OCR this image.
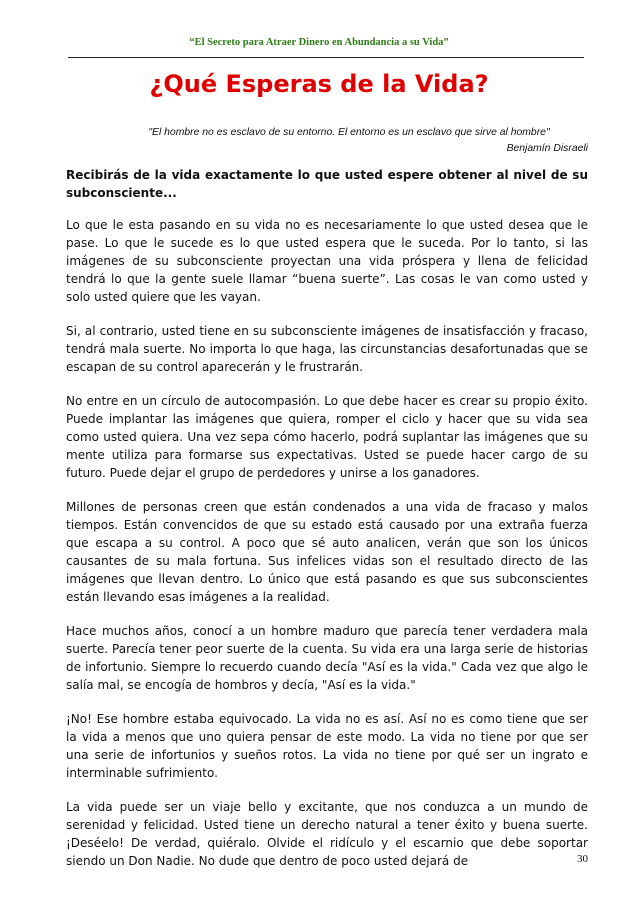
“El Secreto para Atraer Dinero en Abundancia a su Vida”
¿Qué Esperas de la Vida?
"El hombre no es esclavo de su entorno. El entorno es un esclavo que sirve al hombre"
Benjamín Disraeli

Recibirás de la vida exactamente lo que usted espere obtener al nivel de su subconsciente...

Lo que le esta pasando en su vida no es necesariamente lo que usted desea que le pase. Lo que le sucede es lo que usted espera que le suceda. Por lo tanto, si las imágenes de su subconsciente proyectan una vida próspera y llena de felicidad tendrá lo que la gente suele llamar “buena suerte”. Las cosas le van como usted y solo usted quiere que les vayan.

Si, al contrario, usted tiene en su subconsciente imágenes de insatisfacción y fracaso, tendrá mala suerte. No importa lo que haga, las circunstancias desafortunadas que se escapan de su control aparecerán y le frustrarán.

No entre en un círculo de autocompasión. Lo que debe hacer es crear su propio éxito. Puede implantar las imágenes que quiera, romper el ciclo y hacer que su vida sea como usted quiera. Una vez sepa cómo hacerlo, podrá suplantar las imágenes que su mente utiliza para formarse sus expectativas. Usted se puede hacer cargo de su futuro. Puede dejar el grupo de perdedores y unirse a los ganadores.

Millones de personas creen que están condenados a una vida de fracaso y malos tiempos. Están convencidos de que su estado está causado por una extraña fuerza que escapa a su control. A poco que sé auto analicen, verán que son los únicos causantes de su mala fortuna. Sus infelices vidas son el resultado directo de las imágenes que llevan dentro. Lo único que está pasando es que sus subconscientes están llevando esas imágenes a la realidad.

Hace muchos años, conocí a un hombre maduro que parecía tener verdadera mala suerte. Parecía tener peor suerte de la cuenta. Su vida era una larga serie de historias de infortunio. Siempre lo recuerdo cuando decía "Así es la vida." Cada vez que algo le salía mal, se encogía de hombros y decía, "Así es la vida."

¡No! Ese hombre estaba equivocado. La vida no es así. Así no es como tiene que ser la vida a menos que uno quiera pensar de este modo. La vida no tiene por que ser una serie de infortunios y sueños rotos. La vida no tiene por qué ser un ingrato e interminable sufrimiento.

La vida puede ser un viaje bello y excitante, que nos conduzca a un mundo de serenidad y felicidad. Usted tiene un derecho natural a tener éxito y buena suerte. ¡Deséelo! De verdad, quiéralo. Olvide el ridículo y el escarnio que debe soportar siendo un Don Nadie. No dude que dentro de poco usted dejará de	30
